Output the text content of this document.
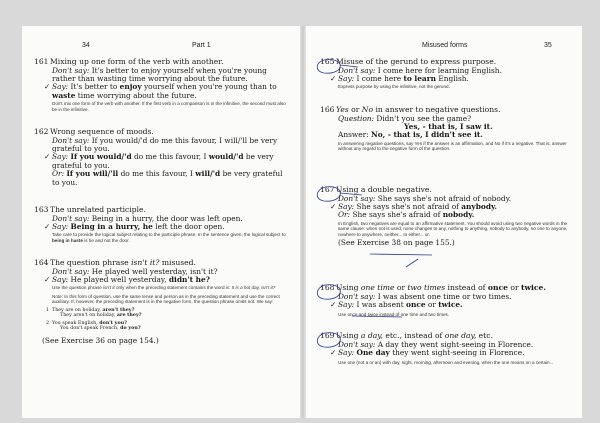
34	Part 1
161 Mixing up one form of the verb with another.
Don't say: It's better to enjoy yourself when you're young rather than wasting time worrying about the future.
✓ Say: It's better to enjoy yourself when you're young than to waste time worrying about the future.
Don't mix one form of the verb with another. If the first verb in a comparison is in the infinitive, the second must also be in the infinitive.
162 Wrong sequence of moods.
Don't say: If you would/'d do me this favour, I will/'ll be very grateful to you.
✓ Say: If you would/'d do me this favour, I would/'d be very grateful to you.
Or: If you will/'ll do me this favour, I will/'d be very grateful to you.
163 The unrelated participle.
Don't say: Being in a hurry, the door was left open.
✓ Say: Being in a hurry, he left the door open.
Take care to provide the logical subject relating to the participle phrase. In the sentence given, the logical subject to being in haste is he and not the door.
164 The question phrase isn't it? misused.
Don't say: He played well yesterday, isn't it?
✓ Say: He played well yesterday, didn't he?
Use the question phrase isn't it only when the preceding statement contains the word is: It is a hot day, isn't it?
Note: In this form of question, use the same tense and person as in the preceding statement and use the correct auxiliary. If, however, the preceding statement is in the negative form, the question phrase omits not. We say:
1 They are on holiday, aren't they?
They aren't on holiday, are they?
2 You speak English, don't you?
You don't speak French, do you?
(See Exercise 36 on page 154.)
Misused forms	35
165 Misuse of the gerund to express purpose.
Don't say: I come here for learning English.
✓ Say: I come here to learn English.
Express purpose by using the infinitive, not the gerund.
166 Yes or No in answer to negative questions.
Question: Didn't you see the game?
Yes, - that is, I saw it.
Answer: No, - that is, I didn't see it.
In answering negative questions, say Yes if the answer is an affirmation, and No if it's a negative. That is, answer without any regard to the negative form of the question.
167 Using a double negative.
Don't say: She says she's not afraid of nobody.
✓ Say: She says she's not afraid of anybody.
Or: She says she's afraid of nobody.
In English, two negatives are equal to an affirmative statement. You should avoid using two negative words in the same clause: when not is used, none changes to any, nothing to anything, nobody to anybody, no one to anyone, nowhere to anywhere, neither... to either... or.
(See Exercise 38 on page 155.)
168 Using one time or two times instead of once or twice.
Don't say: I was absent one time or two times.
✓ Say: I was absent once or twice.
Use once and twice instead of one time and two times.
169 Using a day, etc., instead of one day, etc.
Don't say: A day they went sight-seeing in Florence.
✓ Say: One day they went sight-seeing in Florence.
Use one (not a or an) with day, night, morning, afternoon and evening, when the one means on a certain...
